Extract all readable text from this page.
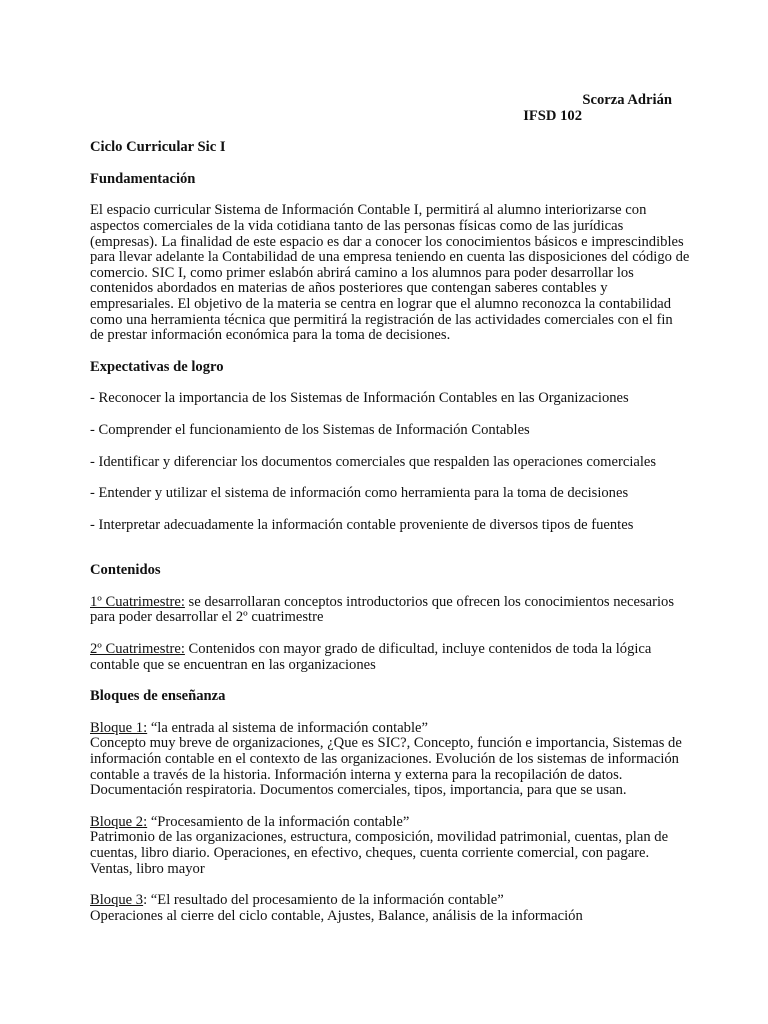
Scorza Adrián
IFSD 102

Ciclo Curricular Sic I

Fundamentación

El espacio curricular Sistema de Información Contable I, permitirá al alumno interiorizarse con aspectos comerciales de la vida cotidiana tanto de las personas físicas como de las jurídicas (empresas). La finalidad de este espacio es dar a conocer los conocimientos básicos e imprescindibles para llevar adelante la Contabilidad de una empresa teniendo en cuenta las disposiciones del código de comercio. SIC I, como primer eslabón abrirá camino a los alumnos para poder desarrollar los contenidos abordados en materias de años posteriores que contengan saberes contables y empresariales. El objetivo de la materia se centra en lograr que el alumno reconozca la contabilidad como una herramienta técnica que permitirá la registración de las actividades comerciales con el fin de prestar información económica para la toma de decisiones.

Expectativas de logro

- Reconocer la importancia de los Sistemas de Información Contables en las Organizaciones

- Comprender el funcionamiento de los Sistemas de Información Contables

- Identificar y diferenciar los documentos comerciales que respalden las operaciones comerciales

- Entender y utilizar el sistema de información como herramienta para la toma de decisiones

- Interpretar adecuadamente la información contable proveniente de diversos tipos de fuentes

Contenidos

1º Cuatrimestre: se desarrollaran conceptos introductorios que ofrecen los conocimientos necesarios para poder desarrollar el 2º cuatrimestre

2º Cuatrimestre: Contenidos con mayor grado de dificultad, incluye contenidos de toda la lógica contable que se encuentran en las organizaciones

Bloques de enseñanza

Bloque 1: “la entrada al sistema de información contable”

Concepto muy breve de organizaciones, ¿Que es SIC?, Concepto, función e importancia, Sistemas de información contable en el contexto de las organizaciones. Evolución de los sistemas de información contable a través de la historia. Información interna y externa para la recopilación de datos. Documentación respiratoria. Documentos comerciales, tipos, importancia, para que se usan.

Bloque 2: “Procesamiento de la información contable”

Patrimonio de las organizaciones, estructura, composición, movilidad patrimonial, cuentas, plan de cuentas, libro diario. Operaciones, en efectivo, cheques, cuenta corriente comercial, con pagare. Ventas, libro mayor

Bloque 3: “El resultado del procesamiento de la información contable”

Operaciones al cierre del ciclo contable, Ajustes, Balance, análisis de la información
